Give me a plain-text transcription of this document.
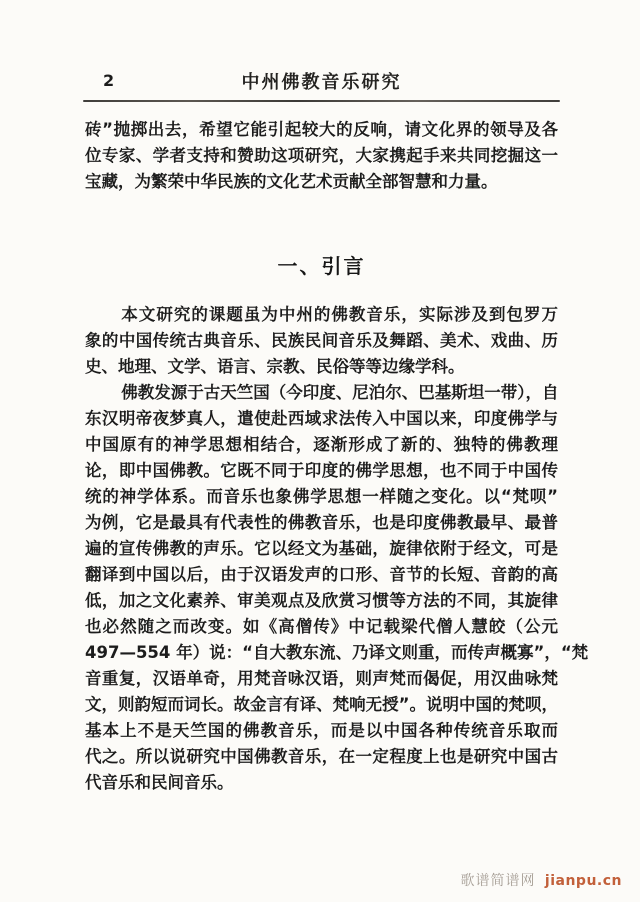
2	中州佛教音乐研究
砖”抛掷出去，希望它能引起较大的反响，请文化界的领导及各
位专家、学者支持和赞助这项研究，大家携起手来共同挖掘这一
宝藏，为繁荣中华民族的文化艺术贡献全部智慧和力量。
一、引言
本文研究的课题虽为中州的佛教音乐，实际涉及到包罗万
象的中国传统古典音乐、民族民间音乐及舞蹈、美术、戏曲、历
史、地理、文学、语言、宗教、民俗等等边缘学科。
佛教发源于古天竺国（今印度、尼泊尔、巴基斯坦一带），自
东汉明帝夜梦真人，遣使赴西域求法传入中国以来，印度佛学与
中国原有的神学思想相结合，逐渐形成了新的、独特的佛教理
论，即中国佛教。它既不同于印度的佛学思想，也不同于中国传
统的神学体系。而音乐也象佛学思想一样随之变化。以“梵呗”
为例，它是最具有代表性的佛教音乐，也是印度佛教最早、最普
遍的宣传佛教的声乐。它以经文为基础，旋律依附于经文，可是
翻译到中国以后，由于汉语发声的口形、音节的长短、音韵的高
低，加之文化素养、审美观点及欣赏习惯等方法的不同，其旋律
也必然随之而改变。如《高僧传》中记载梁代僧人慧皎（公元
497—554 年）说：“自大教东流、乃译文则重，而传声概寡”，“梵
音重复，汉语单奇，用梵音咏汉语，则声梵而偈促，用汉曲咏梵
文，则韵短而词长。故金言有译、梵响无授”。说明中国的梵呗，
基本上不是天竺国的佛教音乐，而是以中国各种传统音乐取而
代之。所以说研究中国佛教音乐，在一定程度上也是研究中国古
代音乐和民间音乐。
歌谱简谱网 jianpu.cn
